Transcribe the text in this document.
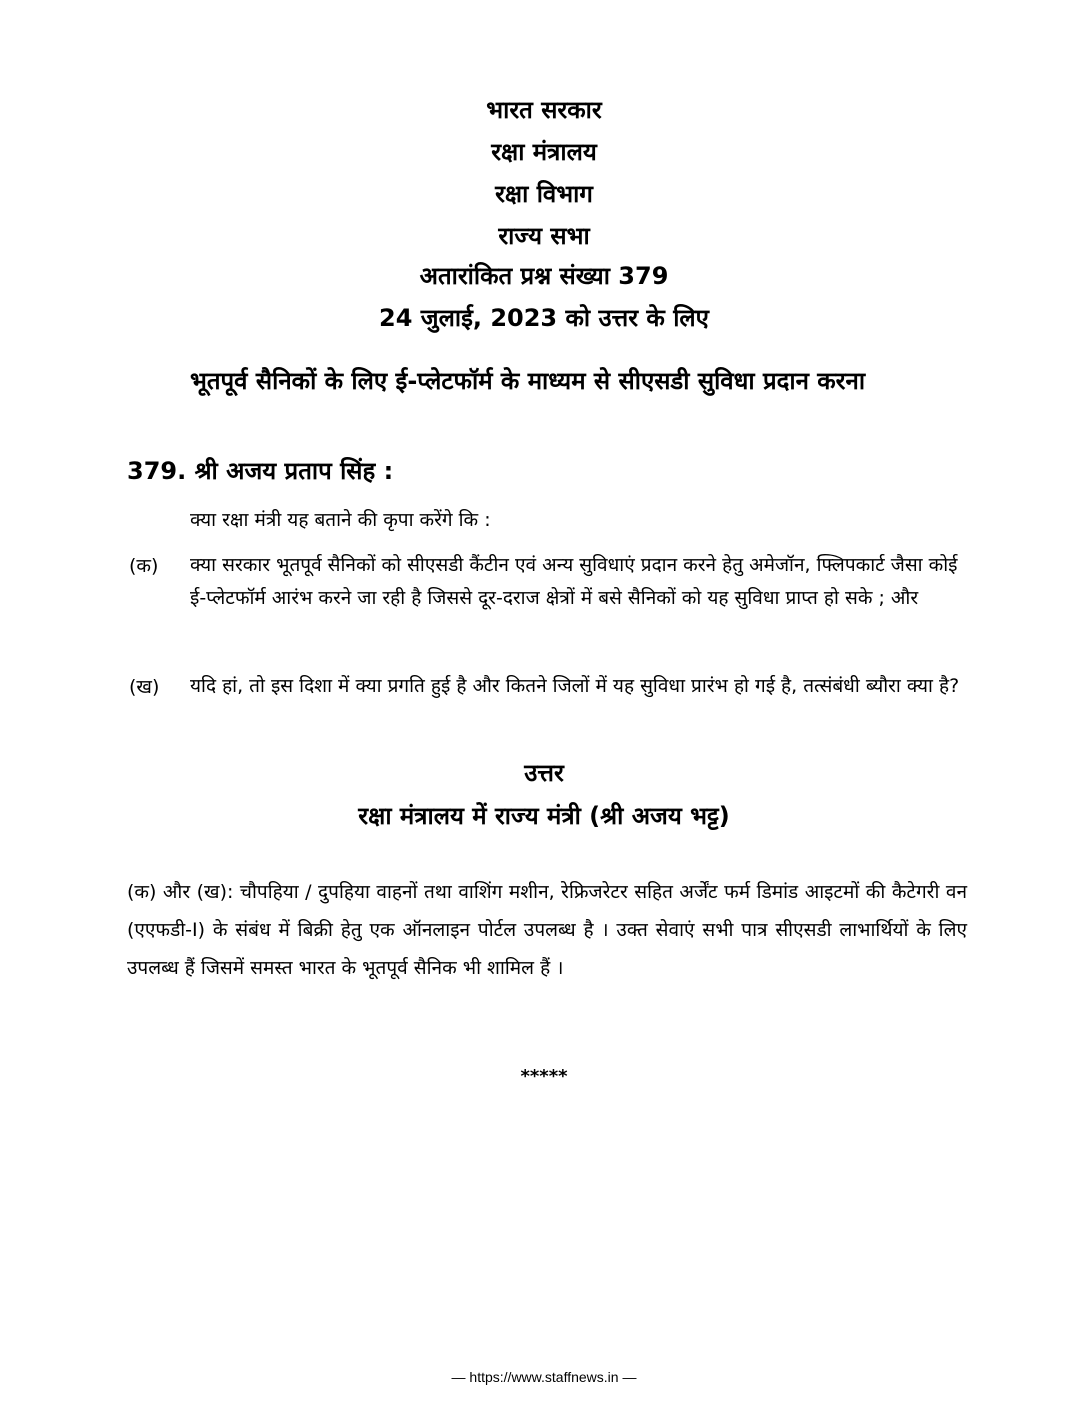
भारत सरकार
रक्षा मंत्रालय
रक्षा विभाग
राज्य सभा
अतारांकित प्रश्न संख्या 379
24 जुलाई, 2023 को उत्तर के लिए
भूतपूर्व सैनिकों के लिए ई-प्लेटफॉर्म के माध्यम से सीएसडी सुविधा प्रदान करना
379. श्री अजय प्रताप सिंह :
क्या रक्षा मंत्री यह बताने की कृपा करेंगे कि :
(क) क्या सरकार भूतपूर्व सैनिकों को सीएसडी कैंटीन एवं अन्य सुविधाएं प्रदान करने हेतु अमेजॉन, फ्लिपकार्ट जैसा कोई ई-प्लेटफॉर्म आरंभ करने जा रही है जिससे दूर-दराज क्षेत्रों में बसे सैनिकों को यह सुविधा प्राप्त हो सके ; और
(ख) यदि हां, तो इस दिशा में क्या प्रगति हुई है और कितने जिलों में यह सुविधा प्रारंभ हो गई है, तत्संबंधी ब्यौरा क्या है?
उत्तर
रक्षा मंत्रालय में राज्य मंत्री (श्री अजय भट्ट)
(क) और (ख): चौपहिया / दुपहिया वाहनों तथा वाशिंग मशीन, रेफ्रिजरेटर सहित अर्जेंट फर्म डिमांड आइटमों की कैटेगरी वन (एएफडी-I) के संबंध में बिक्री हेतु एक ऑनलाइन पोर्टल उपलब्ध है । उक्त सेवाएं सभी पात्र सीएसडी लाभार्थियों के लिए उपलब्ध हैं जिसमें समस्त भारत के भूतपूर्व सैनिक भी शामिल हैं ।
*****
— https://www.staffnews.in —
